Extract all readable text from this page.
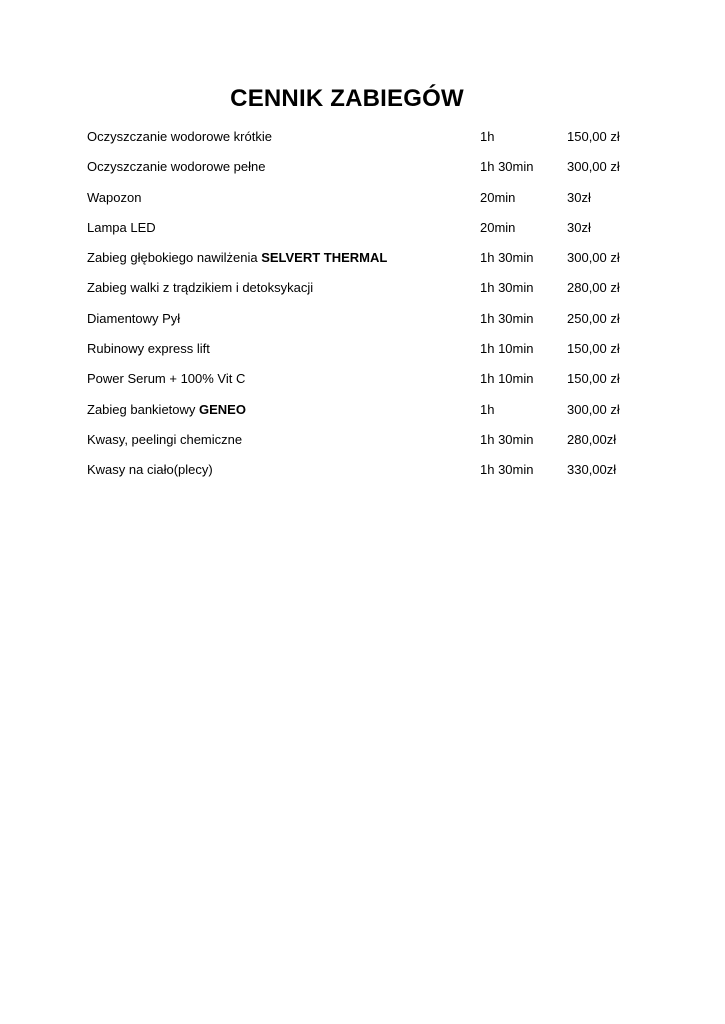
CENNIK ZABIEGÓW
Oczyszczanie wodorowe krótkie	1h	150,00 zł
Oczyszczanie wodorowe pełne	1h 30min	300,00 zł
Wapozon	20min	30zł
Lampa LED	20min	30zł
Zabieg głębokiego nawilżenia SELVERT THERMAL	1h 30min	300,00 zł
Zabieg walki z trądzikiem i detoksykacji	1h 30min	280,00 zł
Diamentowy Pył	1h 30min	250,00 zł
Rubinowy express lift	1h 10min	150,00 zł
Power Serum + 100% Vit C	1h 10min	150,00 zł
Zabieg bankietowy GENEO	1h	300,00 zł
Kwasy, peelingi chemiczne	1h 30min	280,00zł
Kwasy na ciało(plecy)	1h 30min	330,00zł
